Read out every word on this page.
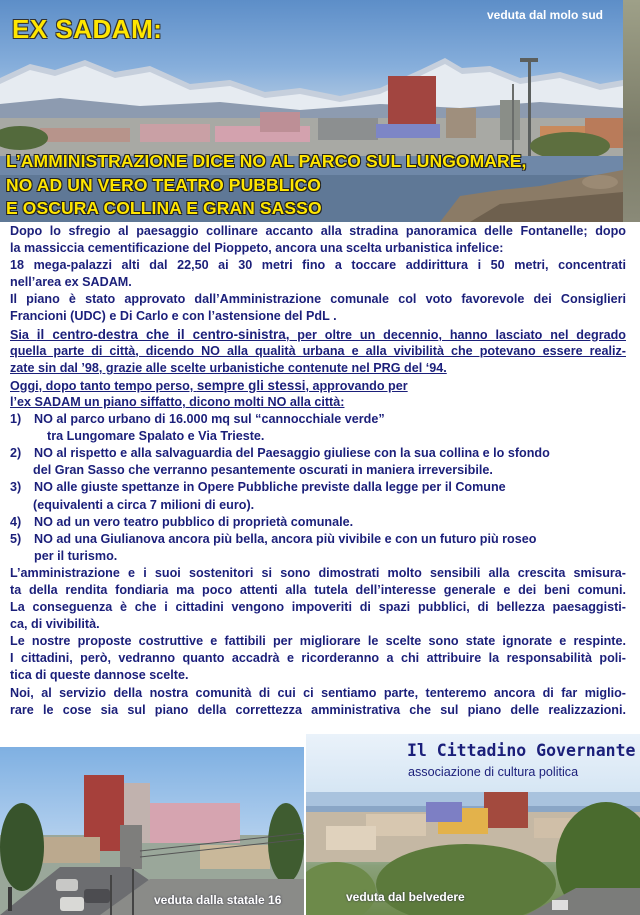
EX SADAM:	veduta dal molo sud
L’AMMINISTRAZIONE DICE NO AL PARCO SUL LUNGOMARE,
NO AD UN VERO TEATRO PUBBLICO
E OSCURA COLLINA E GRAN SASSO
Dopo lo sfregio al paesaggio collinare accanto alla stradina panoramica delle Fontanelle; dopo
la massiccia cementificazione del Pioppeto, ancora una scelta urbanistica infelice:
18 mega-palazzi alti dal 22,50 ai 30 metri fino a toccare addirittura i 50 metri, concentrati
nell’area ex SADAM.
Il piano è stato approvato dall’Amministrazione comunale col voto favorevole dei Consiglieri
Francioni (UDC) e Di Carlo e con l’astensione del PdL .
Sia il centro-destra che il centro-sinistra, per oltre un decennio, hanno lasciato nel degrado
quella parte di città, dicendo NO alla qualità urbana e alla vivibilità che potevano essere realiz-
zate sin dal ’98, grazie alle scelte urbanistiche contenute nel PRG del ‘94.
Oggi, dopo tanto tempo perso, sempre gli stessi, approvando per
l’ex SADAM un piano siffatto, dicono molti NO alla città:
1) NO al parco urbano di 16.000 mq sul “cannocchiale verde”
tra Lungomare Spalato e Via Trieste.
2) NO al rispetto e alla salvaguardia del Paesaggio giuliese con la sua collina e lo sfondo
del Gran Sasso che verranno pesantemente oscurati in maniera irreversibile.
3) NO alle giuste spettanze in Opere Pubbliche previste dalla legge per il Comune
(equivalenti a circa 7 milioni di euro).
4) NO ad un vero teatro pubblico di proprietà comunale.
5) NO ad una Giulianova ancora più bella, ancora più vivibile e con un futuro più roseo
per il turismo.
L’amministrazione e i suoi sostenitori si sono dimostrati molto sensibili alla crescita smisura-
ta della rendita fondiaria ma poco attenti alla tutela dell’interesse generale e dei beni comuni.
La conseguenza è che i cittadini vengono impoveriti di spazi pubblici, di bellezza paesaggisti-
ca, di vivibilità.
Le nostre proposte costruttive e fattibili per migliorare le scelte sono state ignorate e respinte.
I cittadini, però, vedranno quanto accadrà e ricorderanno a chi attribuire la responsabilità poli-
tica di queste dannose scelte.
Noi, al servizio della nostra comunità di cui ci sentiamo parte, tenteremo ancora di far miglio-
rare le cose sia sul piano della correttezza amministrativa che sul piano delle realizzazioni.
Il Cittadino Governante
associazione di cultura politica
veduta dalla statale 16	veduta dal belvedere
